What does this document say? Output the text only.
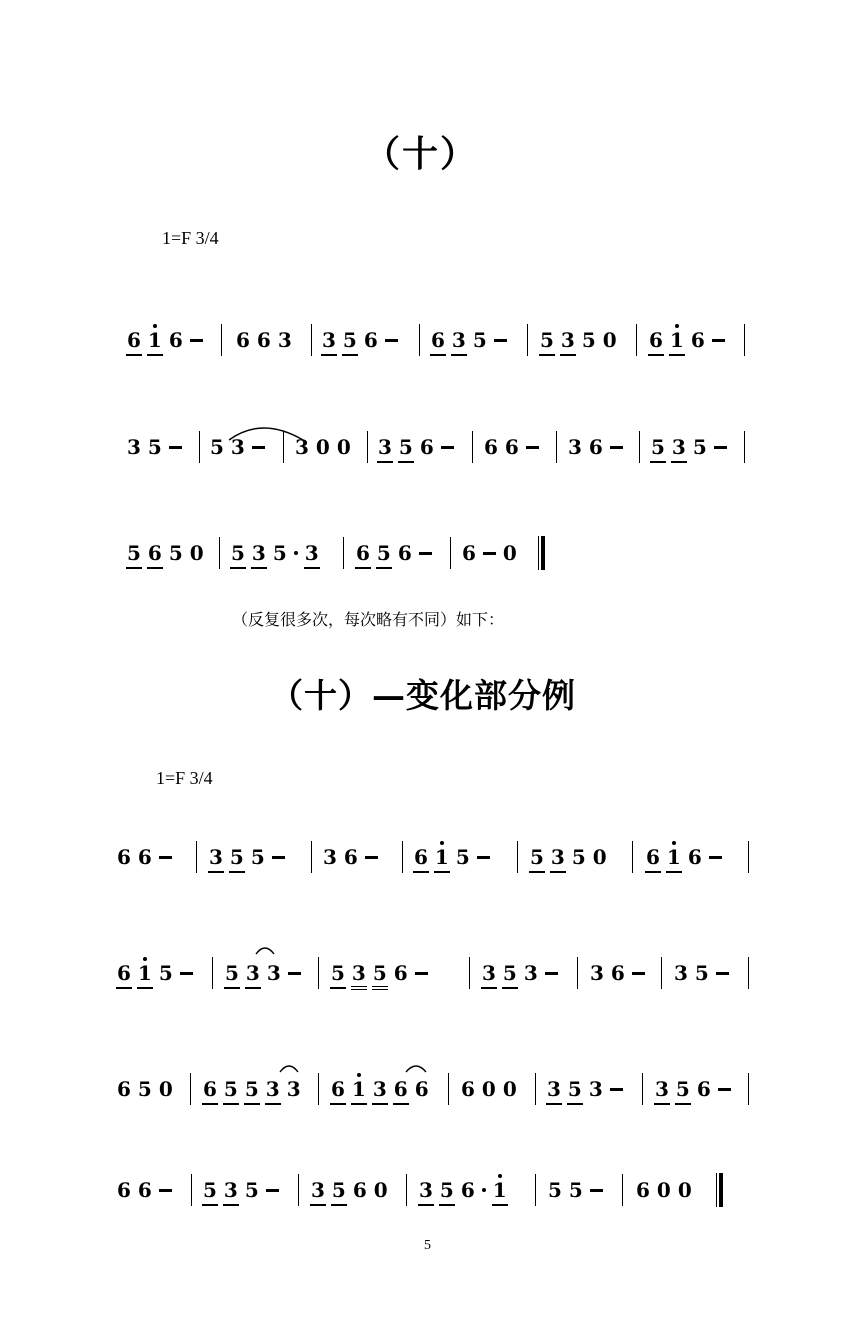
（十）
1=F 3/4
6 1 6	6 6 3 3 5 6	6 3 5	5 3 5 0 6 1 6
3 5 5 3	3 0 0 3 5 6	6 6 3 6 5 3 5
5 6 5 0 5 3 5 3 6 5 6	6 0
（反复很多次，每次略有不同）如下：
（十）—变化部分例
1=F 3/4
6 6	3 5 5	3 6	6 1 5	5 3 5 0 6 1 6
6 1 5	5 3 3	5 3 5 6	3 5 3	3 6 3 5
6 5 0 6 5 5 3 3 6 1 3 6 6 6 0 0 3 5 3	3 5 6
6 6	5 3 5	3 5 6 0 3 5 6 1 5 5	6 0 0
5
